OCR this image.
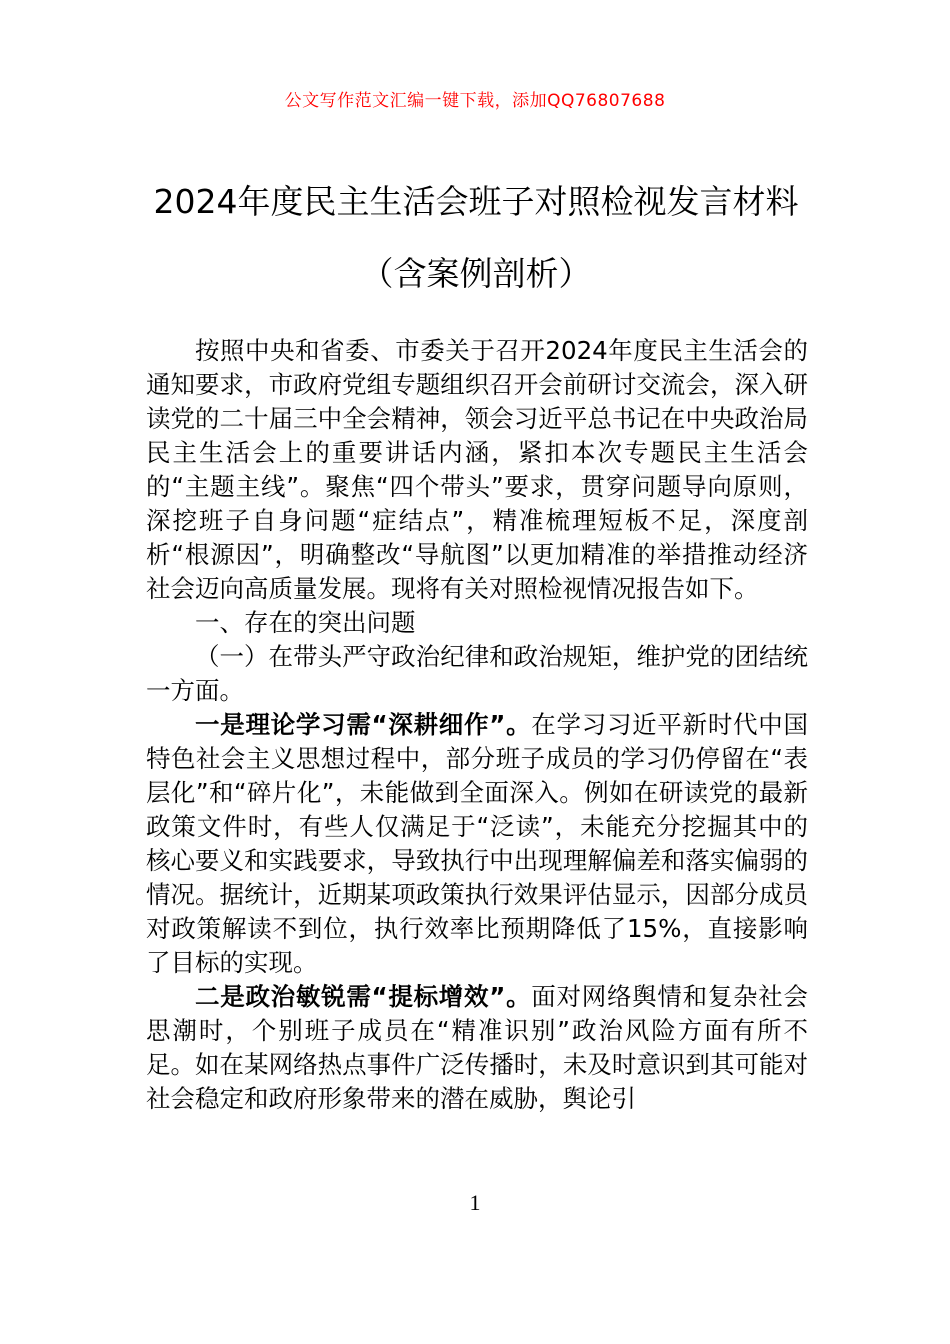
公文写作范文汇编一键下载，添加QQ76807688
2024年度民主生活会班子对照检视发言材料（含案例剖析）

按照中央和省委、市委关于召开2024年度民主生活会的通知要求，市政府党组专题组织召开会前研讨交流会，深入研读党的二十届三中全会精神，领会习近平总书记在中央政治局民主生活会上的重要讲话内涵，紧扣本次专题民主生活会的“主题主线”。聚焦“四个带头”要求，贯穿问题导向原则，深挖班子自身问题“症结点”，精准梳理短板不足，深度剖析“根源因”，明确整改“导航图”以更加精准的举措推动经济社会迈向高质量发展。现将有关对照检视情况报告如下。

一、存在的突出问题

（一）在带头严守政治纪律和政治规矩，维护党的团结统一方面。

一是理论学习需“深耕细作”。在学习习近平新时代中国特色社会主义思想过程中，部分班子成员的学习仍停留在“表层化”和“碎片化”，未能做到全面深入。例如在研读党的最新政策文件时，有些人仅满足于“泛读”，未能充分挖掘其中的核心要义和实践要求，导致执行中出现理解偏差和落实偏弱的情况。据统计，近期某项政策执行效果评估显示，因部分成员对政策解读不到位，执行效率比预期降低了15%，直接影响了目标的实现。

二是政治敏锐需“提标增效”。面对网络舆情和复杂社会思潮时，个别班子成员在“精准识别”政治风险方面有所不足。如在某网络热点事件广泛传播时，未及时意识到其可能对社会稳定和政府形象带来的潜在威胁，舆论引

1
